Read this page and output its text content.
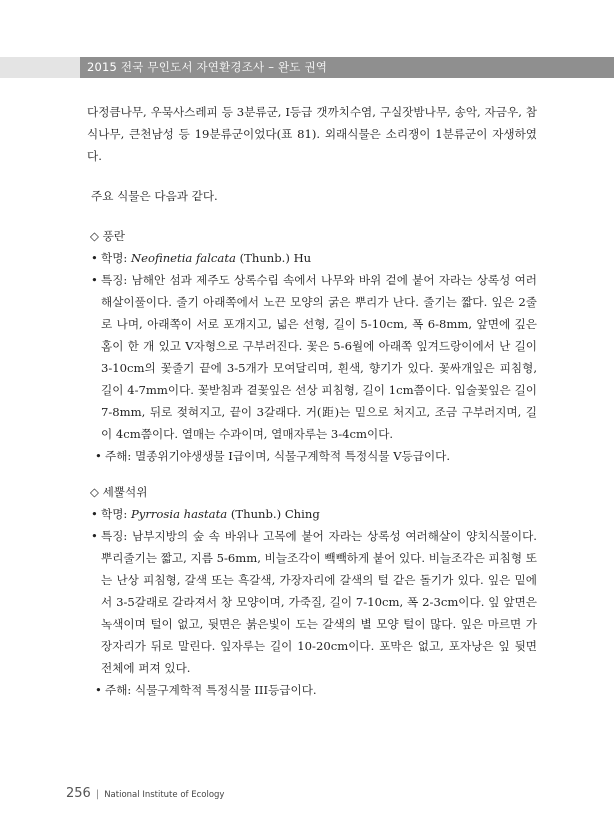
2015 전국 무인도서 자연환경조사 – 완도 권역

다정큼나무, 우묵사스레피 등 3분류군, I등급 갯까치수염, 구실잣밤나무, 송악, 자금우, 참식나무, 큰천남성 등 19분류군이었다(표 81). 외래식물은 소리쟁이 1분류군이 자생하였다.

주요 식물은 다음과 같다.

◇ 풍란

• 학명: Neofinetia falcata (Thunb.) Hu

• 특징: 남해안 섬과 제주도 상록수림 속에서 나무와 바위 겉에 붙어 자라는 상록성 여러해살이풀이다. 줄기 아래쪽에서 노끈 모양의 굵은 뿌리가 난다. 줄기는 짧다. 잎은 2줄로 나며, 아래쪽이 서로 포개지고, 넓은 선형, 길이 5-10cm, 폭 6-8mm, 앞면에 깊은 홈이 한 개 있고 V자형으로 구부러진다. 꽃은 5-6월에 아래쪽 잎겨드랑이에서 난 길이 3-10cm의 꽃줄기 끝에 3-5개가 모여달리며, 흰색, 향기가 있다. 꽃싸개잎은 피침형, 길이 4-7mm이다. 꽃받침과 곁꽃잎은 선상 피침형, 길이 1cm쯤이다. 입술꽃잎은 길이 7-8mm, 뒤로 젖혀지고, 끝이 3갈래다. 거(距)는 밑으로 처지고, 조금 구부러지며, 길이 4cm쯤이다. 열매는 수과이며, 열매자루는 3-4cm이다.

• 주해: 멸종위기야생생물 I급이며, 식물구계학적 특정식물 V등급이다.

◇ 세뿔석위

• 학명: Pyrrosia hastata (Thunb.) Ching

• 특징: 남부지방의 숲 속 바위나 고목에 붙어 자라는 상록성 여러해살이 양치식물이다. 뿌리줄기는 짧고, 지름 5-6mm, 비늘조각이 빽빽하게 붙어 있다. 비늘조각은 피침형 또는 난상 피침형, 갈색 또는 흑갈색, 가장자리에 갈색의 털 같은 돌기가 있다. 잎은 밑에서 3-5갈래로 갈라져서 창 모양이며, 가죽질, 길이 7-10cm, 폭 2-3cm이다. 잎 앞면은 녹색이며 털이 없고, 뒷면은 붉은빛이 도는 갈색의 별 모양 털이 많다. 잎은 마르면 가장자리가 뒤로 말린다. 잎자루는 길이 10-20cm이다. 포막은 없고, 포자낭은 잎 뒷면 전체에 퍼져 있다.

• 주해: 식물구계학적 특정식물 III등급이다.

256 | National Institute of Ecology
